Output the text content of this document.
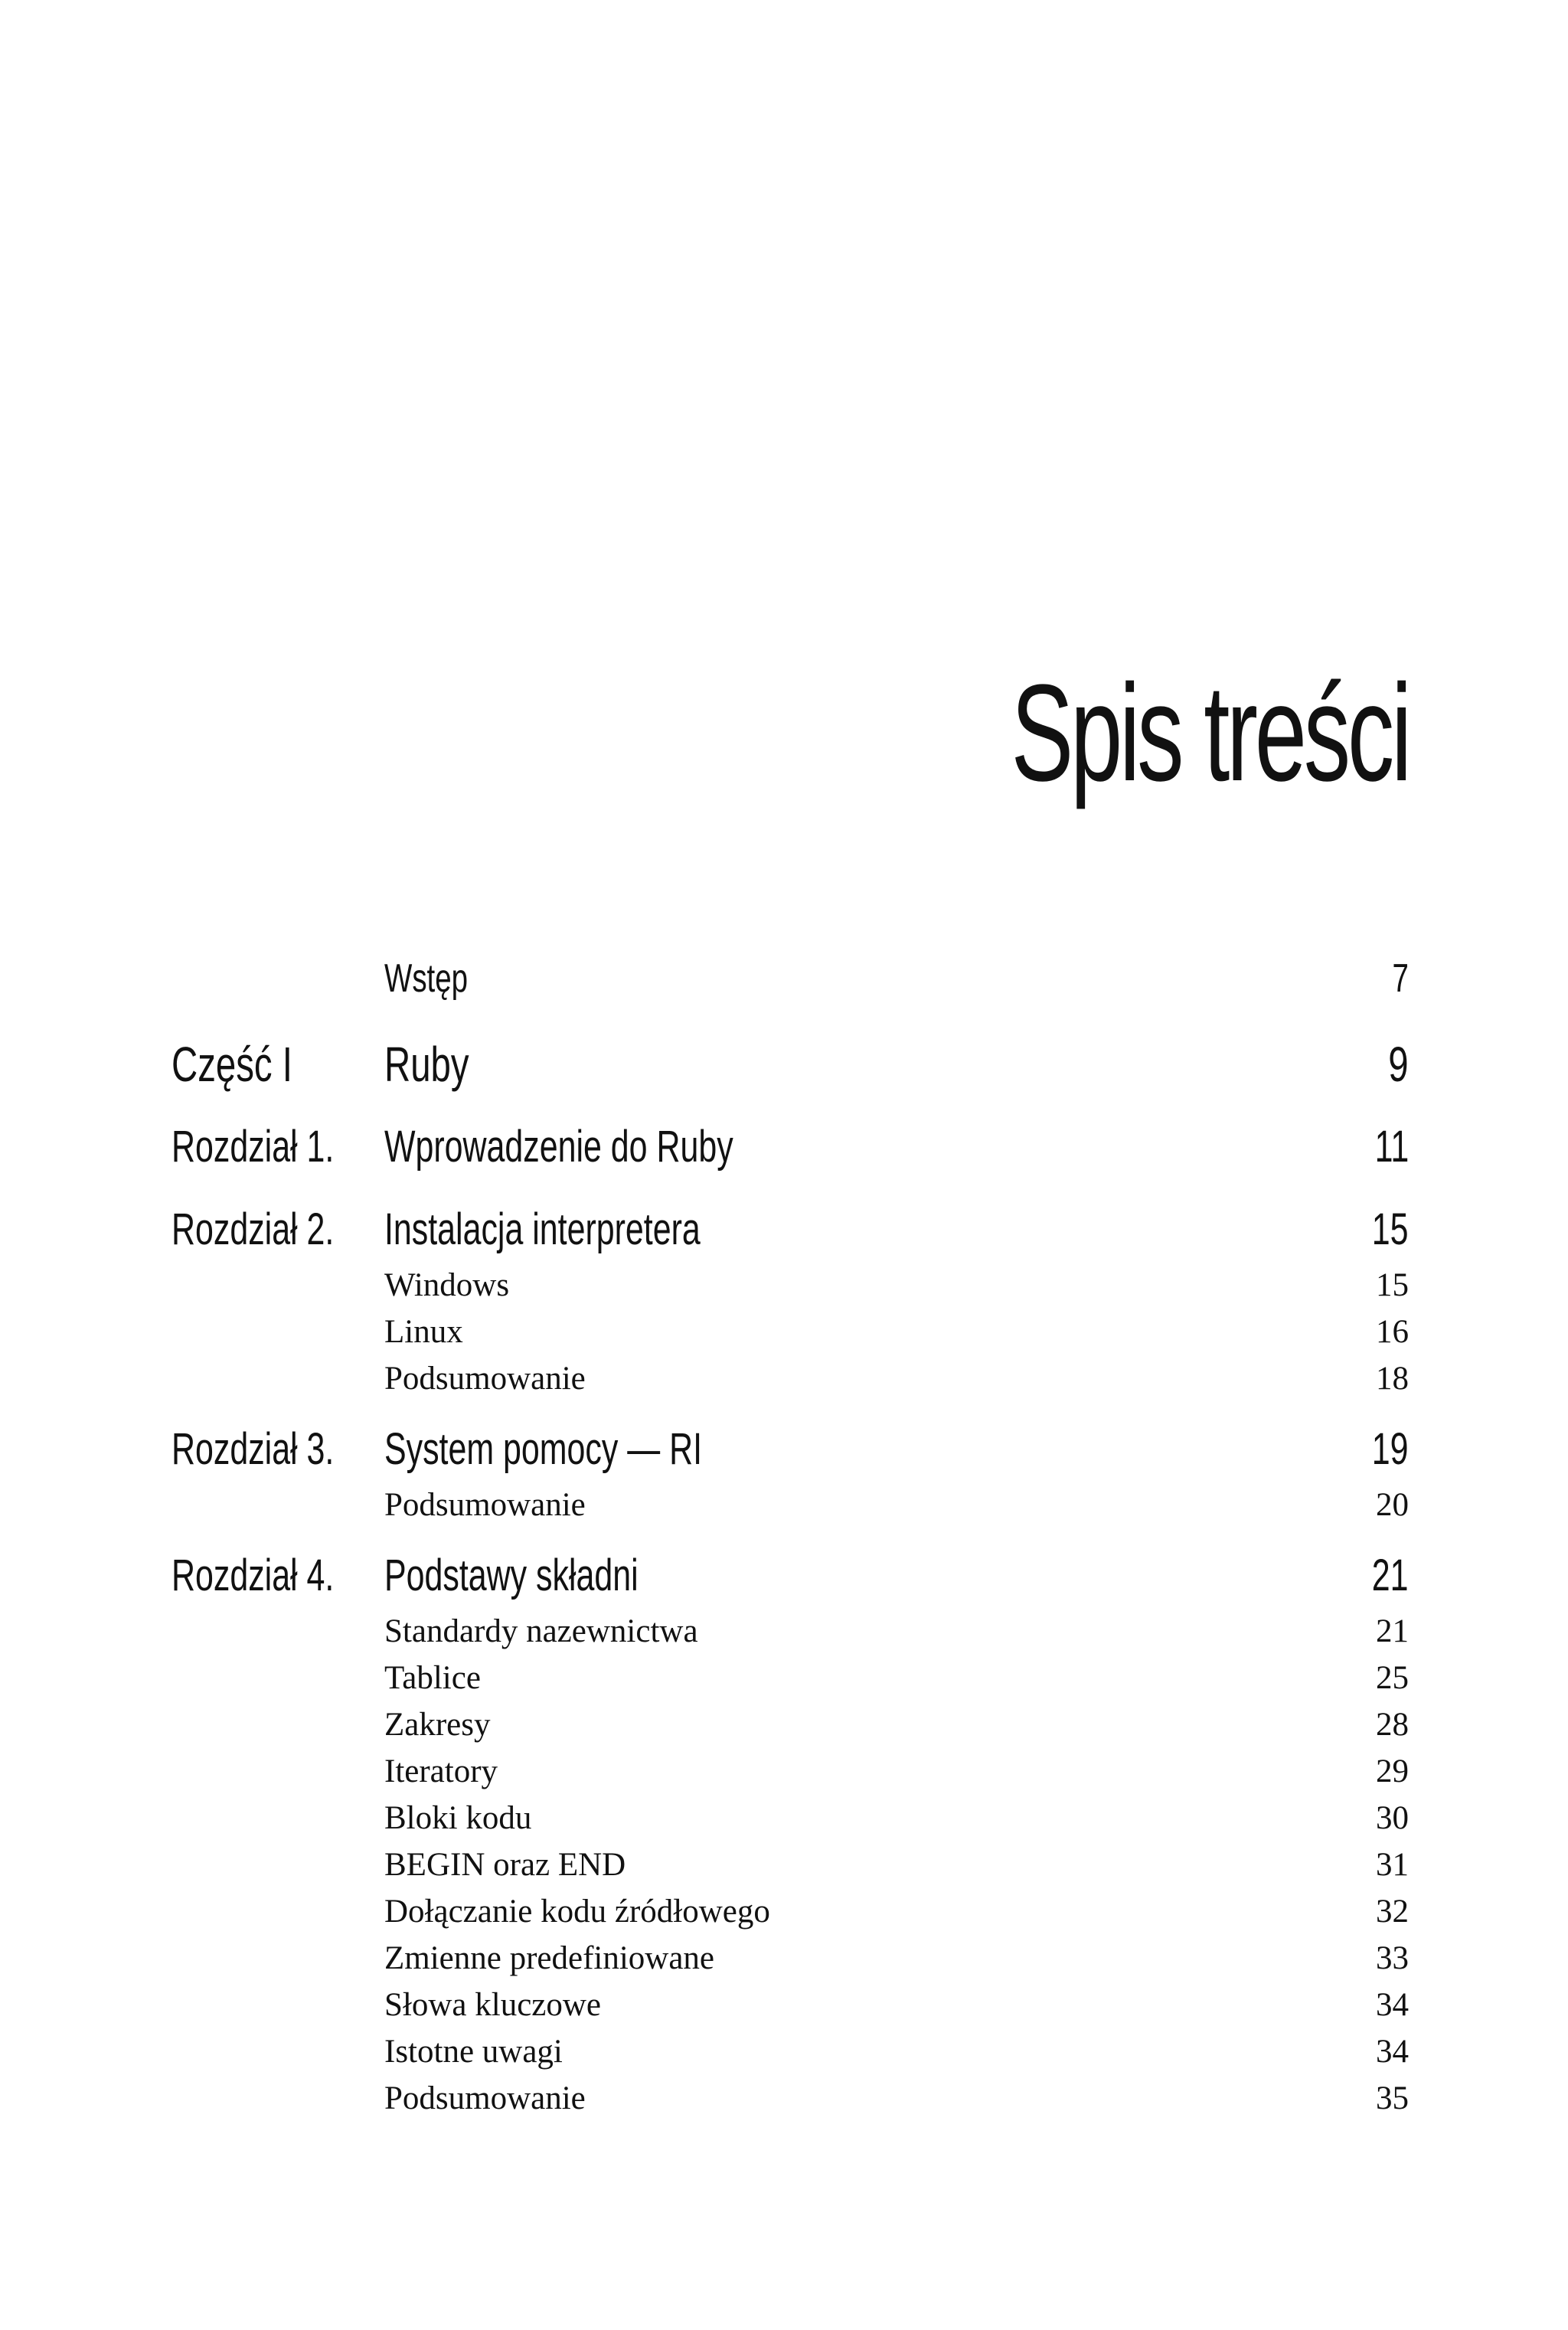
Spis treści
Wstęp	7
Część I	Ruby	9
Rozdział 1.	Wprowadzenie do Ruby	11
Rozdział 2.	Instalacja interpretera	15
Windows	15
Linux	16
Podsumowanie	18
Rozdział 3.	System pomocy — RI	19
Podsumowanie	20
Rozdział 4.	Podstawy składni	21
Standardy nazewnictwa	21
Tablice	25
Zakresy	28
Iteratory	29
Bloki kodu	30
BEGIN oraz END	31
Dołączanie kodu źródłowego	32
Zmienne predefiniowane	33
Słowa kluczowe	34
Istotne uwagi	34
Podsumowanie	35
